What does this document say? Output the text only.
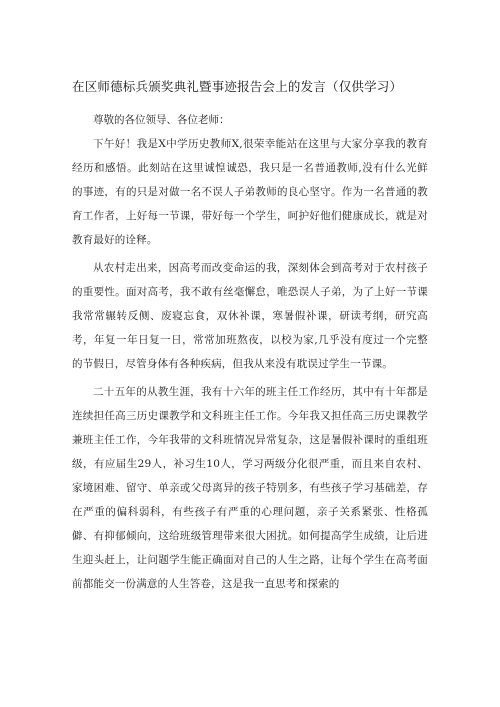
在区师德标兵颁奖典礼暨事迹报告会上的发言（仅供学习）

尊敬的各位领导、各位老师：

下午好！我是X中学历史教师X,很荣幸能站在这里与大家分享我的教育经历和感悟。此刻站在这里诚惶诚恐，我只是一名普通教师,没有什么光鲜的事迹，有的只是对做一名不误人子弟教师的良心坚守。作为一名普通的教育工作者，上好每一节课，带好每一个学生，呵护好他们健康成长，就是对教育最好的诠释。

从农村走出来，因高考而改变命运的我，深刻体会到高考对于农村孩子的重要性。面对高考，我不敢有丝毫懈怠，唯恐误人子弟，为了上好一节课我常常辗转反侧、废寝忘食，双休补课，寒暑假补课，研读考纲，研究高考，年复一年日复一日，常常加班熬夜，以校为家,几乎没有度过一个完整的节假日，尽管身体有各种疾病，但我从来没有耽误过学生一节课。

二十五年的从教生涯，我有十六年的班主任工作经历，其中有十年都是连续担任高三历史课教学和文科班主任工作。今年我又担任高三历史课教学兼班主任工作，今年我带的文科班情况异常复杂，这是暑假补课时的重组班级，有应届生29人，补习生10人，学习两级分化很严重，而且来自农村、家境困难、留守、单亲或父母离异的孩子特别多，有些孩子学习基础差，存在严重的偏科弱科，有些孩子有严重的心理问题，亲子关系紧张、性格孤僻、有抑郁倾向，这给班级管理带来很大困扰。如何提高学生成绩，让后进生迎头赶上，让问题学生能正确面对自己的人生之路，让每个学生在高考面前都能交一份满意的人生答卷，这是我一直思考和探索的
